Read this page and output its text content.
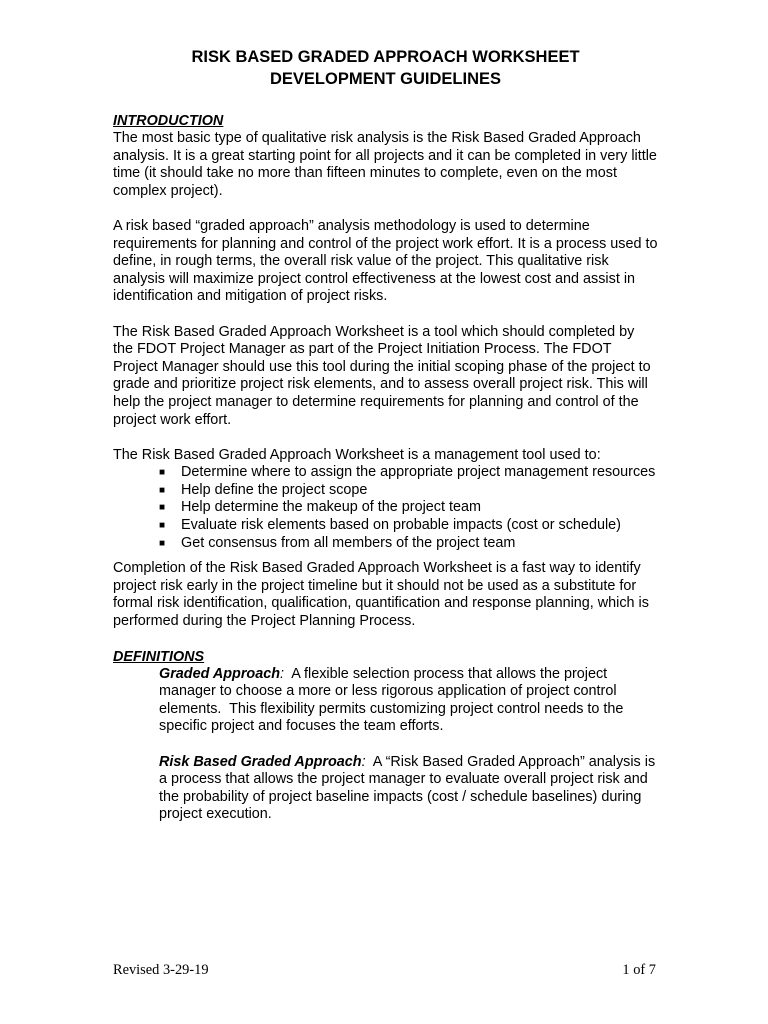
RISK BASED GRADED APPROACH WORKSHEET

DEVELOPMENT GUIDELINES

INTRODUCTION

The most basic type of qualitative risk analysis is the Risk Based Graded Approach analysis. It is a great starting point for all projects and it can be completed in very little time (it should take no more than fifteen minutes to complete, even on the most complex project).

A risk based “graded approach” analysis methodology is used to determine requirements for planning and control of the project work effort. It is a process used to define, in rough terms, the overall risk value of the project. This qualitative risk analysis will maximize project control effectiveness at the lowest cost and assist in identification and mitigation of project risks.

The Risk Based Graded Approach Worksheet is a tool which should completed by the FDOT Project Manager as part of the Project Initiation Process. The FDOT Project Manager should use this tool during the initial scoping phase of the project to grade and prioritize project risk elements, and to assess overall project risk. This will help the project manager to determine requirements for planning and control of the project work effort.

The Risk Based Graded Approach Worksheet is a management tool used to:

■ Determine where to assign the appropriate project management resources
■ Help define the project scope
■ Help determine the makeup of the project team
■ Evaluate risk elements based on probable impacts (cost or schedule)
■ Get consensus from all members of the project team

Completion of the Risk Based Graded Approach Worksheet is a fast way to identify project risk early in the project timeline but it should not be used as a substitute for formal risk identification, qualification, quantification and response planning, which is performed during the Project Planning Process.

DEFINITIONS

Graded Approach:  A flexible selection process that allows the project manager to choose a more or less rigorous application of project control elements.  This flexibility permits customizing project control needs to the specific project and focuses the team efforts.

Risk Based Graded Approach:  A “Risk Based Graded Approach” analysis is a process that allows the project manager to evaluate overall project risk and the probability of project baseline impacts (cost / schedule baselines) during project execution.

Revised 3-29-19	1 of 7
